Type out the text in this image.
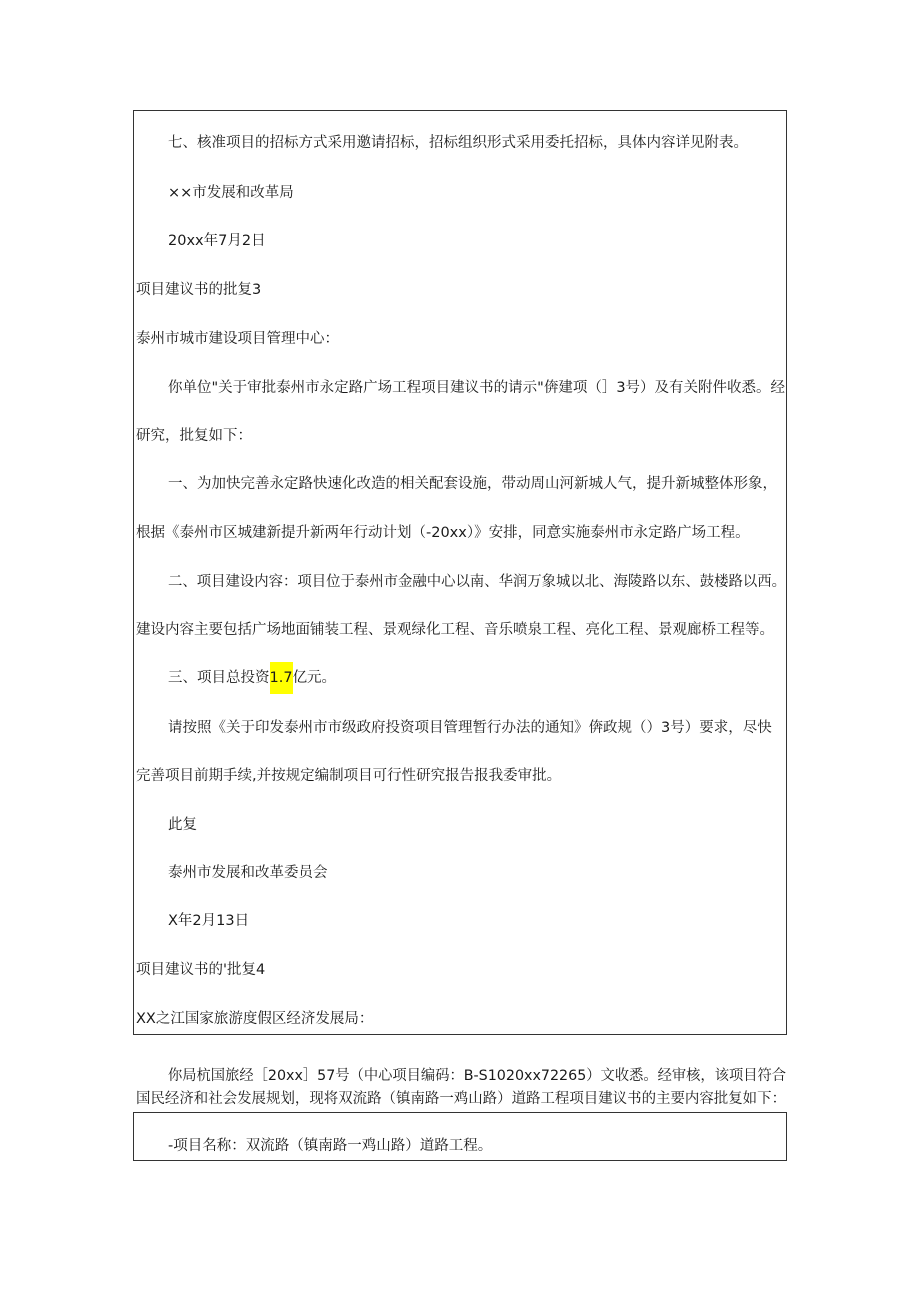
七、核准项目的招标方式采用邀请招标，招标组织形式采用委托招标，具体内容详见附表。
××市发展和改革局
20xx年7月2日
项目建议书的批复3
泰州市城市建设项目管理中心：
你单位"关于审批泰州市永定路广场工程项目建议书的请示"倴建项（］3号）及有关附件收悉。经
研究，批复如下：
一、为加快完善永定路快速化改造的相关配套设施，带动周山河新城人气，提升新城整体形象，
根据《泰州市区城建新提升新两年行动计划（-20xx）》安排，同意实施泰州市永定路广场工程。
二、项目建设内容：项目位于泰州市金融中心以南、华润万象城以北、海陵路以东、鼓楼路以西。
建设内容主要包括广场地面铺装工程、景观绿化工程、音乐喷泉工程、亮化工程、景观廊桥工程等。
三、项目总投资1.7亿元。
请按照《关于印发泰州市市级政府投资项目管理暂行办法的通知》倴政规（）3号）要求，尽快
完善项目前期手续,并按规定编制项目可行性研究报告报我委审批。
此复
泰州市发展和改革委员会
X年2月13日
项目建议书的'批复4
XX之江国家旅游度假区经济发展局：
你局杭国旅经［20xx］57号（中心项目编码：B-S1020xx72265）文收悉。经审核，该项目符合
国民经济和社会发展规划，现将双流路（镇南路一鸡山路）道路工程项目建议书的主要内容批复如下：
-项目名称：双流路（镇南路一鸡山路）道路工程。
